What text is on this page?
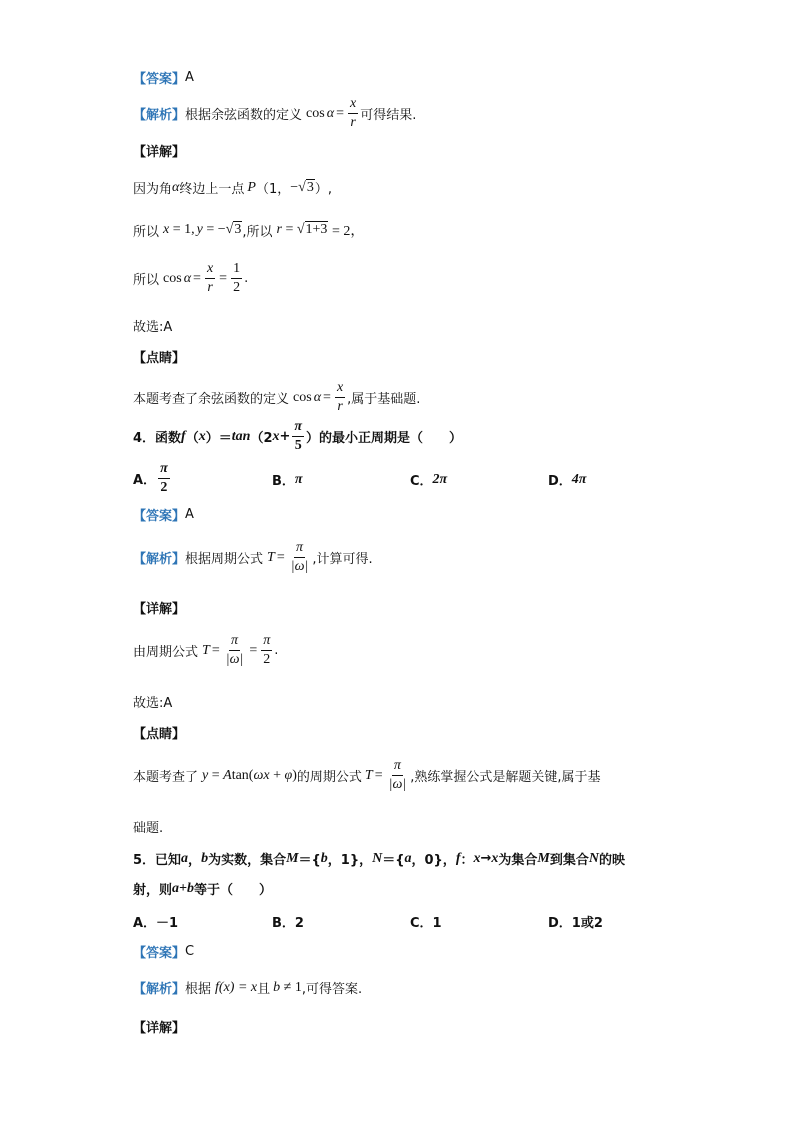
【答案】 A
【解析】 根据余弦函数的定义 $\cos \alpha = \frac{x}{r}$ 可得结果.
【详解】
因为角 α 终边上一点 P （1， − √3 ）,
所以 x = 1, y = − √3 ,所以 r = √1+3 = 2，
所以 $\cos \alpha = \frac{x}{r} = \frac{1}{2}$ .
故选:A
【点睛】
本题考查了余弦函数的定义 $\cos \alpha = \frac{x}{r}$ ,属于基础题.
4．函数 f （ x ）＝ tan （2 $x + \frac{\pi}{5}$ ）的最小正周期是（　　）
A． $\frac{\pi}{2}$	B． π	C． 2π	D． 4π
【答案】 A
【解析】 根据周期公式 $T = \frac{\pi}{|\omega|}$ ,计算可得.
【详解】
由周期公式 $T = \frac{\pi}{|\omega|} = \frac{\pi}{2}$ .
故选:A
【点睛】
本题考查了 y = A tan( ωx + φ ) 的周期公式 $T = \frac{\pi}{|\omega|}$ ,熟练掌握公式是解题关键,属于基
础题.
5．已知 a ， b 为实数，集合 M ＝{ b ，1}， N ＝{ a ，0}， f ： x → x 为集合 M 到集合 N 的映
射，则 a+b 等于（　　）
A．－1	B．2	C．1	D．1或2
【答案】 C
【解析】 根据 f (x) = x 且 b ≠ 1 ,可得答案.
【详解】
